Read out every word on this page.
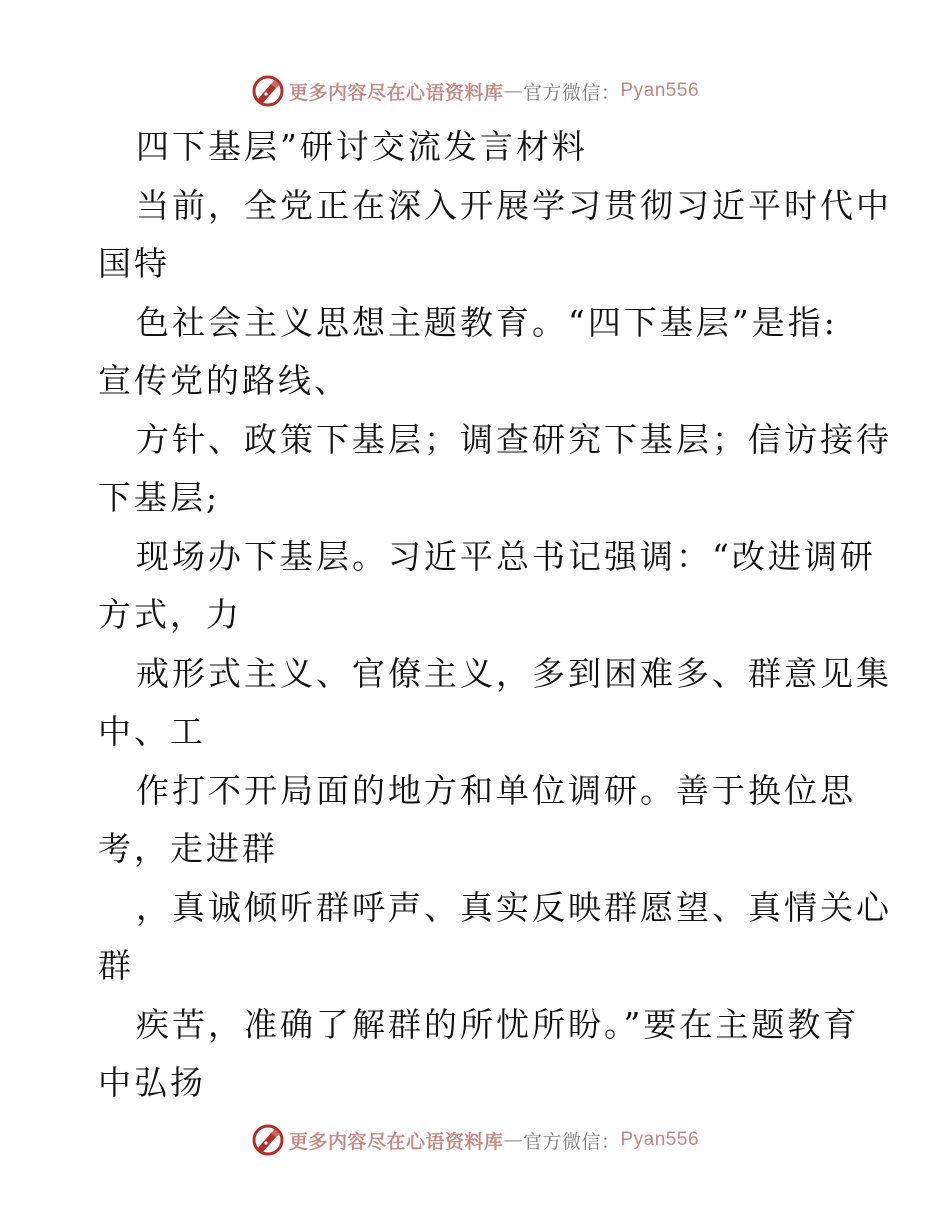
更多内容尽在心语资料库 — 官方微信： Pyan556
四下基层”研讨交流发言材料
当前，全党正在深入开展学习贯彻习近平时代中
国特
色社会主义思想主题教育。“四下基层”是指:
宣传党的路线、
方针、政策下基层；调查研究下基层；信访接待
下基层;
现场办下基层。习近平总书记强调：“改进调研
方式，力
戒形式主义、官僚主义，多到困难多、群意见集
中、工
作打不开局面的地方和单位调研。善于换位思
考，走进群
，真诚倾听群呼声、真实反映群愿望、真情关心
群
疾苦，准确了解群的所忧所盼。”要在主题教育
中弘扬
更多内容尽在心语资料库 — 官方微信： Pyan556
